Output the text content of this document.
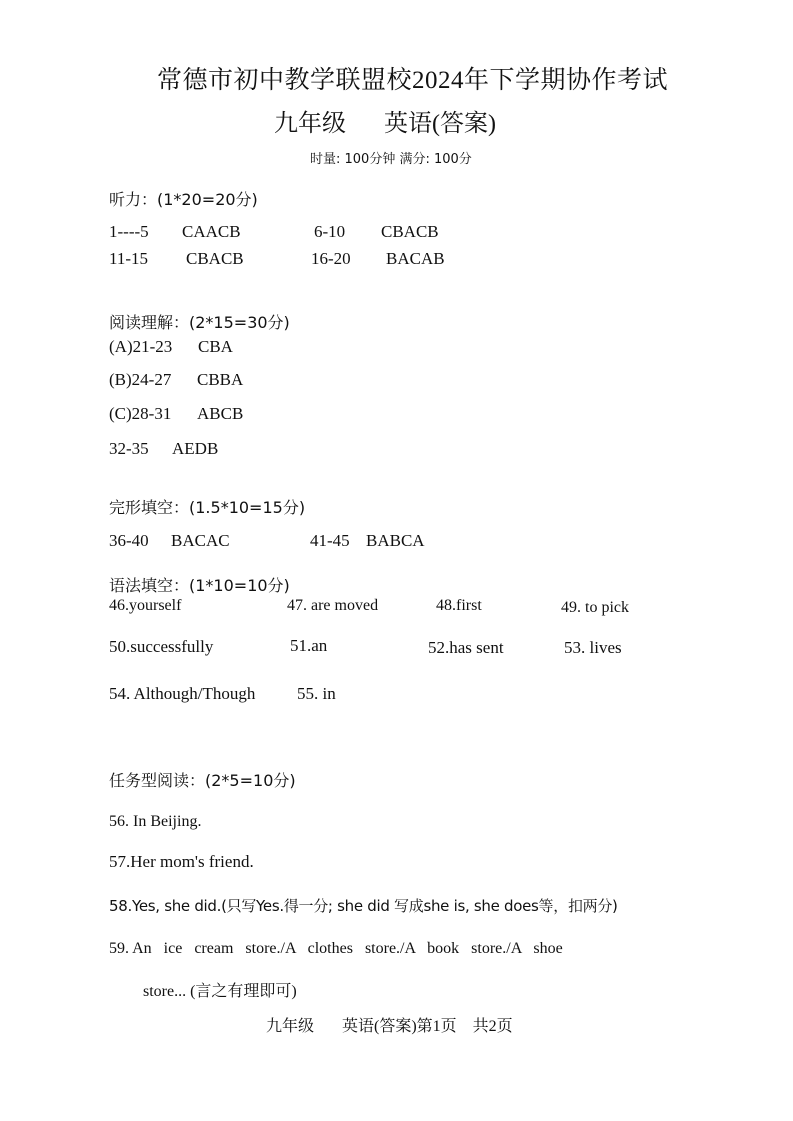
常德市初中教学联盟校2024年下学期协作考试
九年级 英语(答案)
时量: 100分钟 满分: 100分
听力：(1*20=20分)
1----5 CAACB	6-10 CBACB
11-15 CBACB	16-20 BACAB
阅读理解：(2*15=30分)
(A)21-23 CBA
(B)24-27 CBBA
(C)28-31 ABCB
32-35 AEDB
完形填空：(1.5*10=15分)
36-40 BACAC	41-45 BABCA
语法填空：(1*10=10分)
46.yourself	47. are moved	48.first	49. to pick
50.successfully	51.an	52.has sent	53. lives
54. Although/Though 55. in
任务型阅读：(2*5=10分)
56. In Beijing.
57.Her mom's friend.
58.Yes, she did.(只写Yes.得一分; she did 写成she is, she does等，扣两分)
59. An   ice   cream   store./A   clothes   store./A   book   store./A   shoe
store... (言之有理即可)
九年级       英语(答案)第1页    共2页
